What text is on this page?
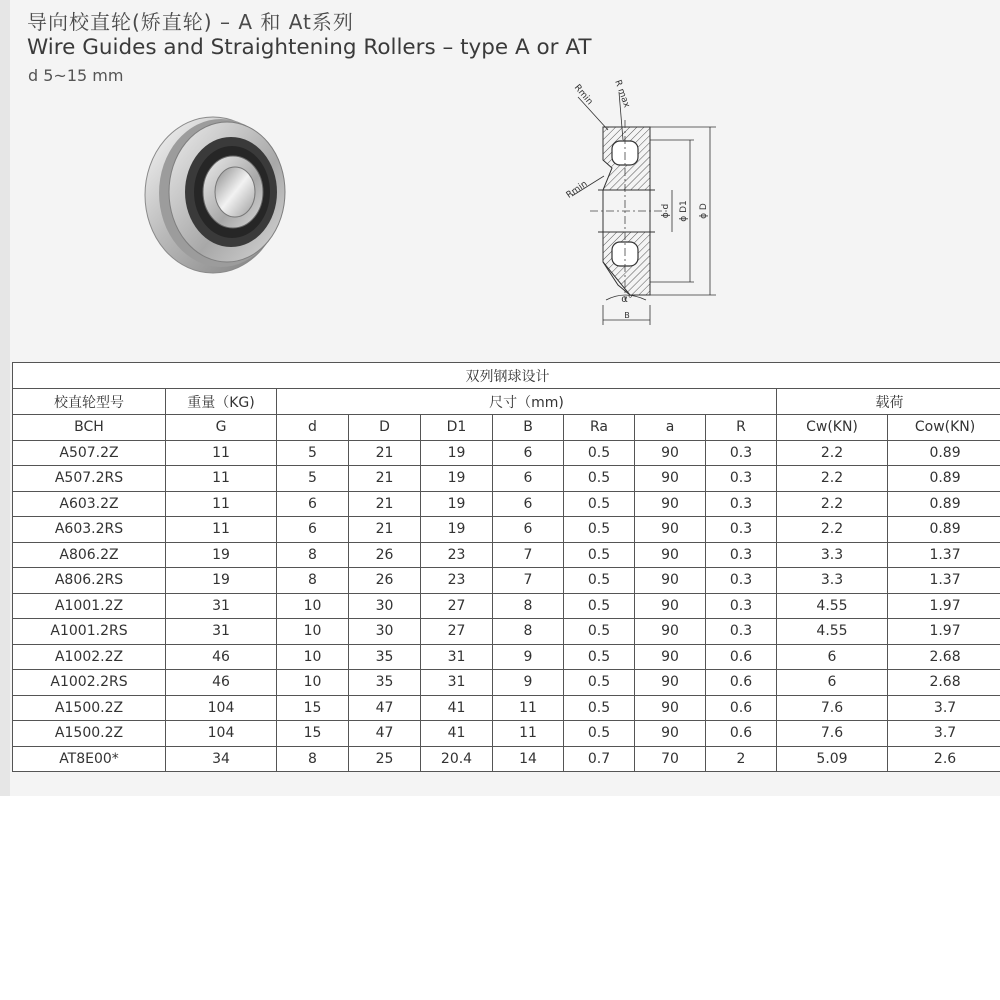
导向校直轮(矫直轮) – A 和 At系列
Wire Guides and Straightening Rollers – type A or AT
d 5~15 mm
Rmin R max
Rmin
ϕ d ϕ D1 ϕ D
α°
B
双列钢球设计										
校直轮型号	重量（KG)	尺寸（mm)							载荷	
BCH	G	d	D	D1	B	Ra	a	R	Cw(KN)	Cow(KN)
A507.2Z	11	5	21	19	6	0.5	90	0.3	2.2	0.89
A507.2RS	11	5	21	19	6	0.5	90	0.3	2.2	0.89
A603.2Z	11	6	21	19	6	0.5	90	0.3	2.2	0.89
A603.2RS	11	6	21	19	6	0.5	90	0.3	2.2	0.89
A806.2Z	19	8	26	23	7	0.5	90	0.3	3.3	1.37
A806.2RS	19	8	26	23	7	0.5	90	0.3	3.3	1.37
A1001.2Z	31	10	30	27	8	0.5	90	0.3	4.55	1.97
A1001.2RS	31	10	30	27	8	0.5	90	0.3	4.55	1.97
A1002.2Z	46	10	35	31	9	0.5	90	0.6	6	2.68
A1002.2RS	46	10	35	31	9	0.5	90	0.6	6	2.68
A1500.2Z	104	15	47	41	11	0.5	90	0.6	7.6	3.7
A1500.2Z	104	15	47	41	11	0.5	90	0.6	7.6	3.7
AT8E00*	34	8	25	20.4	14	0.7	70	2	5.09	2.6
